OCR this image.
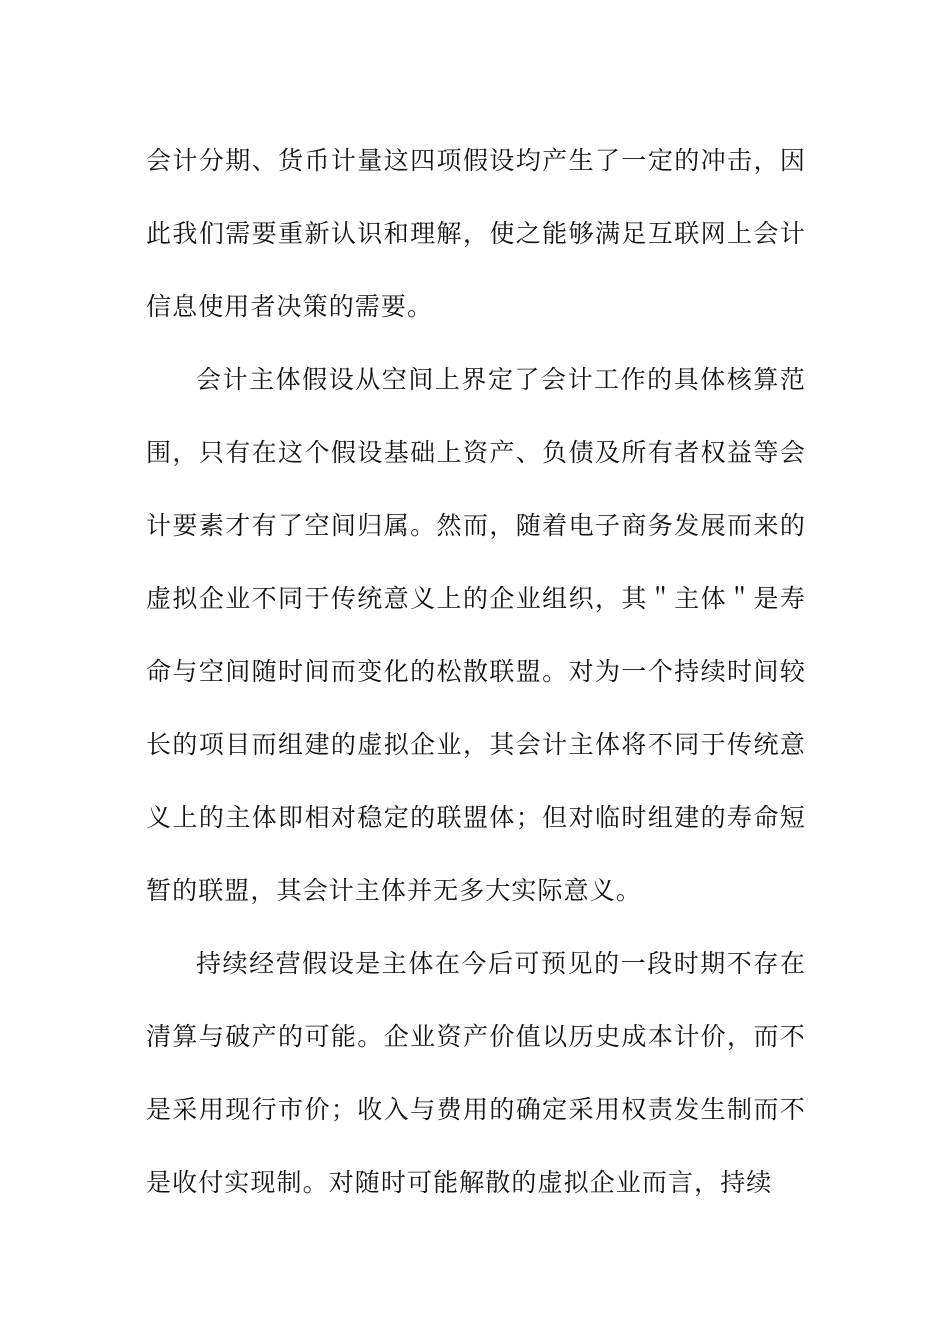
会计分期、货币计量这四项假设均产生了一定的冲击，因此我们需要重新认识和理解，使之能够满足互联网上会计信息使用者决策的需要。

会计主体假设从空间上界定了会计工作的具体核算范围，只有在这个假设基础上资产、负债及所有者权益等会计要素才有了空间归属。然而，随着电子商务发展而来的虚拟企业不同于传统意义上的企业组织，其＂主体＂是寿命与空间随时间而变化的松散联盟。对为一个持续时间较长的项目而组建的虚拟企业，其会计主体将不同于传统意义上的主体即相对稳定的联盟体；但对临时组建的寿命短暂的联盟，其会计主体并无多大实际意义。

持续经营假设是主体在今后可预见的一段时期不存在清算与破产的可能。企业资产价值以历史成本计价，而不是采用现行市价；收入与费用的确定采用权责发生制而不是收付实现制。对随时可能解散的虚拟企业而言，持续
